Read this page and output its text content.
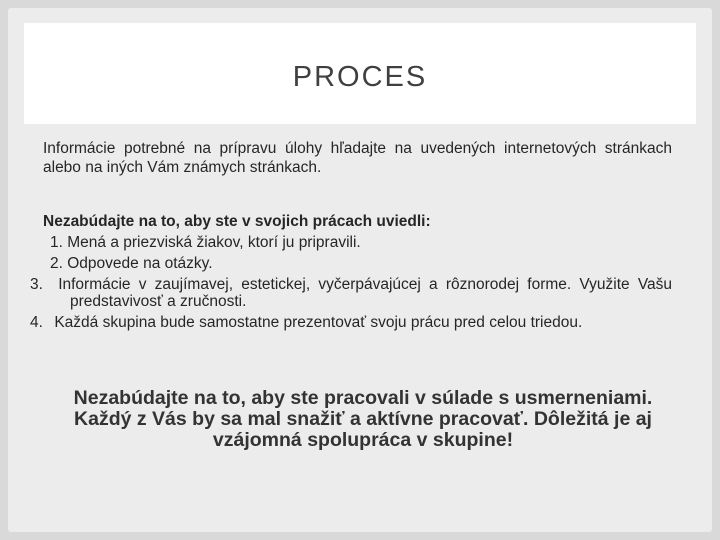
PROCES
Informácie potrebné na prípravu úlohy hľadajte na uvedených internetových stránkach alebo na iných Vám známych stránkach.
Nezabúdajte na to, aby ste v svojich prácach uviedli:
1. Mená a priezviská žiakov, ktorí ju pripravili.
2. Odpovede na otázky.
3. Informácie v zaujímavej, estetickej, vyčerpávajúcej a rôznorodej forme. Využite Vašu predstavivosť a zručnosti.
4. Každá skupina bude samostatne prezentovať svoju prácu pred celou triedou.

Nezabúdajte na to, aby ste pracovali v súlade s usmerneniami.

Každý z Vás by sa mal snažiť a aktívne pracovať. Dôležitá je aj vzájomná spolupráca v skupine!
